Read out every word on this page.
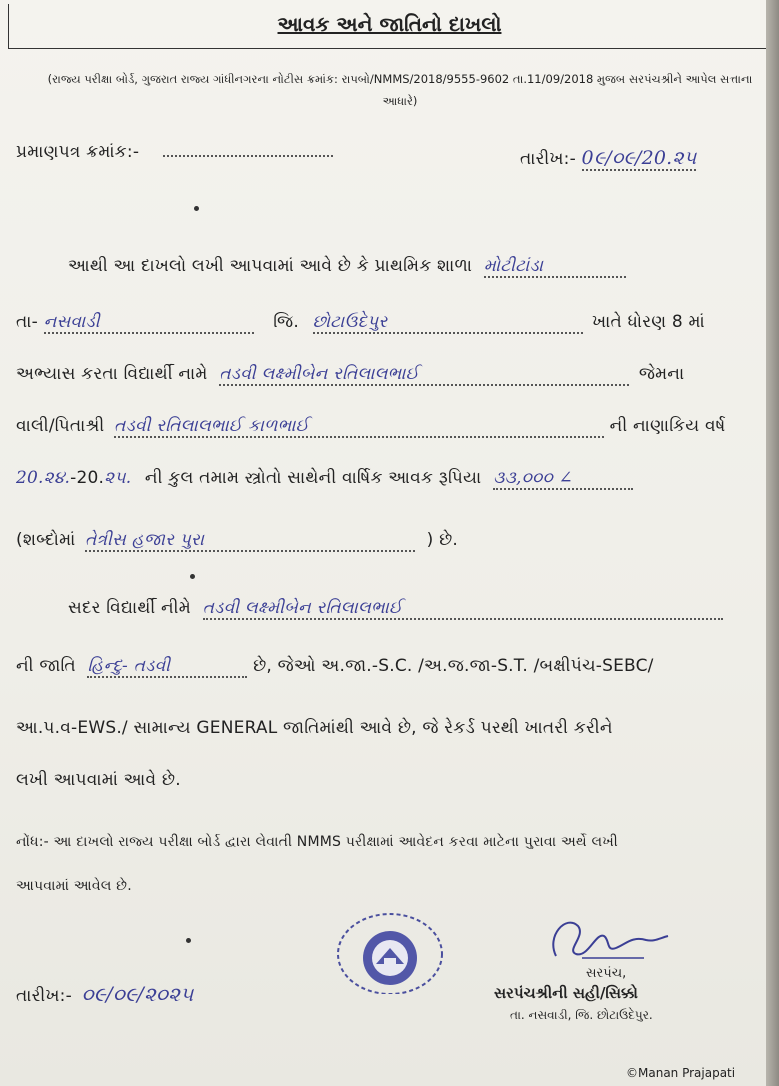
આવક અને જાતિનો દાખલો
(રાજ્ય પરીક્ષા બોર્ડ, ગુજરાત રાજ્ય ગાંધીનગરના નોટીસ ક્રમાંક: રાપબો/NMMS/2018/9555-9602 તા.11/09/2018 મુજબ સરપંચશ્રીને આપેલ સત્તાના આધારે)
પ્રમાણપત્ર ક્રમાંક:-	તારીખ:- 0૯/૦૯/20.૨૫
આથી આ દાખલો લખી આપવામાં આવે છે કે પ્રાથમિક શાળા મોટીટાંડા
તા- નસવાડી	જિ. છોટાઉદેપુર	ખાતે ધોરણ 8 માં
અભ્યાસ કરતા વિદ્યાર્થી નામે તડવી લક્ષ્મીબેન રતિલાલભાઈ	જેમના
વાલી/પિતાશ્રી તડવી રતિલાલભાઈ કાળભાઈ	ની નાણાકિય વર્ષ
20.૨૪.-20.૨૫. ની કુલ તમામ સ્ત્રોતો સાથેની વાર્ષિક આવક રૂપિયા ૩૩,૦૦૦ ∠
(શબ્દોમાં તેત્રીસ હજાર પુરા	) છે.
સદર વિદ્યાર્થી નીમે તડવી લક્ષ્મીબેન રતિલાલભાઈ
ની જાતિ હિન્દુ- તડવી	છે, જેઓ અ.જા.-S.C. /અ.જ.જા-S.T. /બક્ષીપંચ-SEBC/
આ.પ.વ-EWS./ સામાન્ય GENERAL જાતિમાંથી આવે છે, જે રેકર્ડ પરથી ખાતરી કરીને
લખી આપવામાં આવે છે.
નોંધ:- આ દાખલો રાજ્ય પરીક્ષા બોર્ડ દ્વારા લેવાતી NMMS પરીક્ષામાં આવેદન કરવા માટેના પુરાવા અર્થે લખી
આપવામાં આવેલ છે.
તારીખ:- ૦૯/૦૯/૨૦૨૫
સરપંચ,
સરપંચશ્રીની સહી/સિક્કો
તા. નસવાડી, જિ. છોટાઉદેપુર.
©Manan Prajapati
